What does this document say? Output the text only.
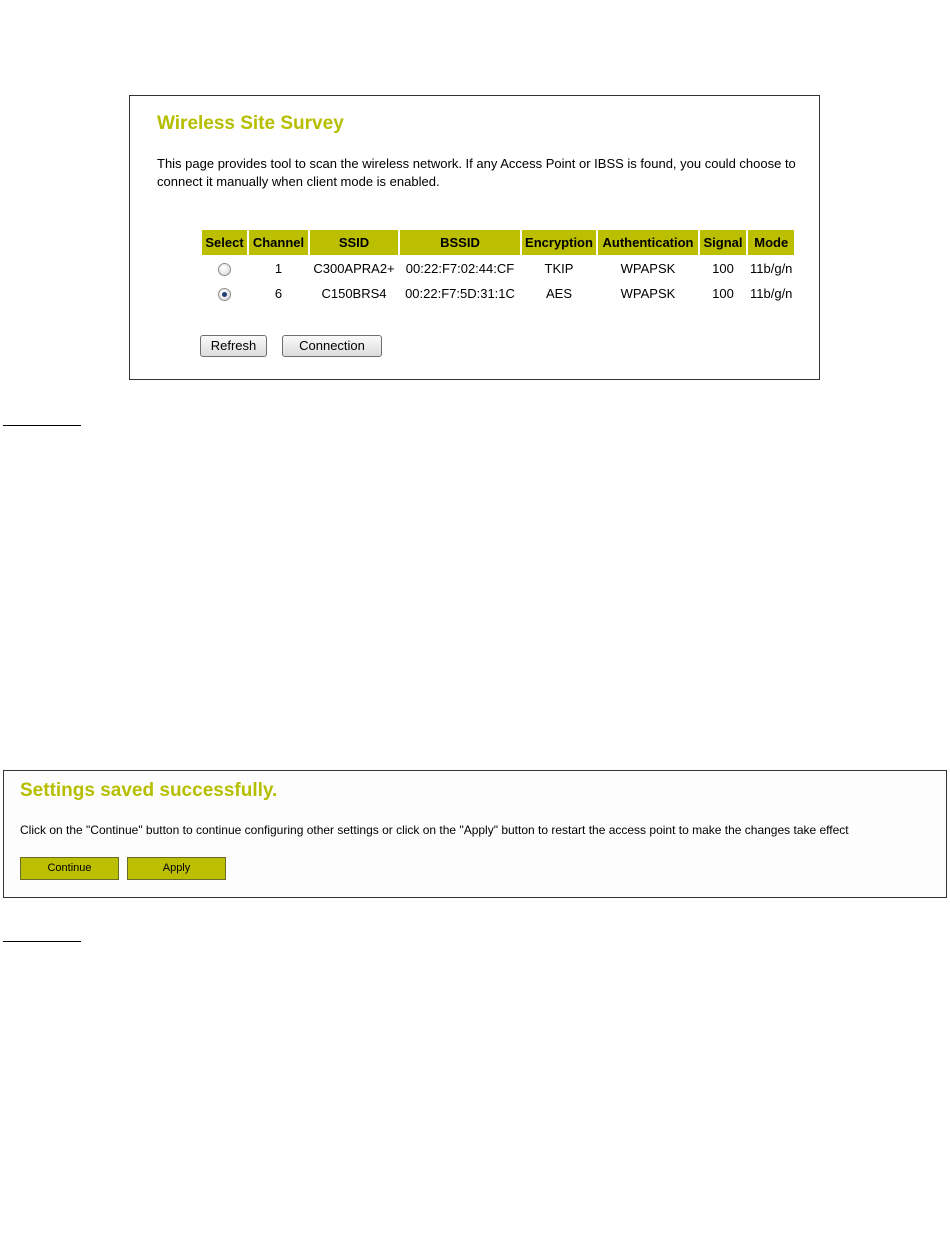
Wireless Site Survey

This page provides tool to scan the wireless network. If any Access Point or IBSS is found, you could choose to connect it manually when client mode is enabled.

Select	Channel	SSID	BSSID	Encryption	Authentication	Signal	Mode
	1	C300APRA2+	00:22:F7:02:44:CF	TKIP	WPAPSK	100	11b/g/n
	6	C150BRS4	00:22:F7:5D:31:1C	AES	WPAPSK	100	11b/g/n
Refresh	Connection
Settings saved successfully.

Click on the "Continue" button to continue configuring other settings or click on the "Apply" button to restart the access point to make the changes take effect

Continue	Apply
